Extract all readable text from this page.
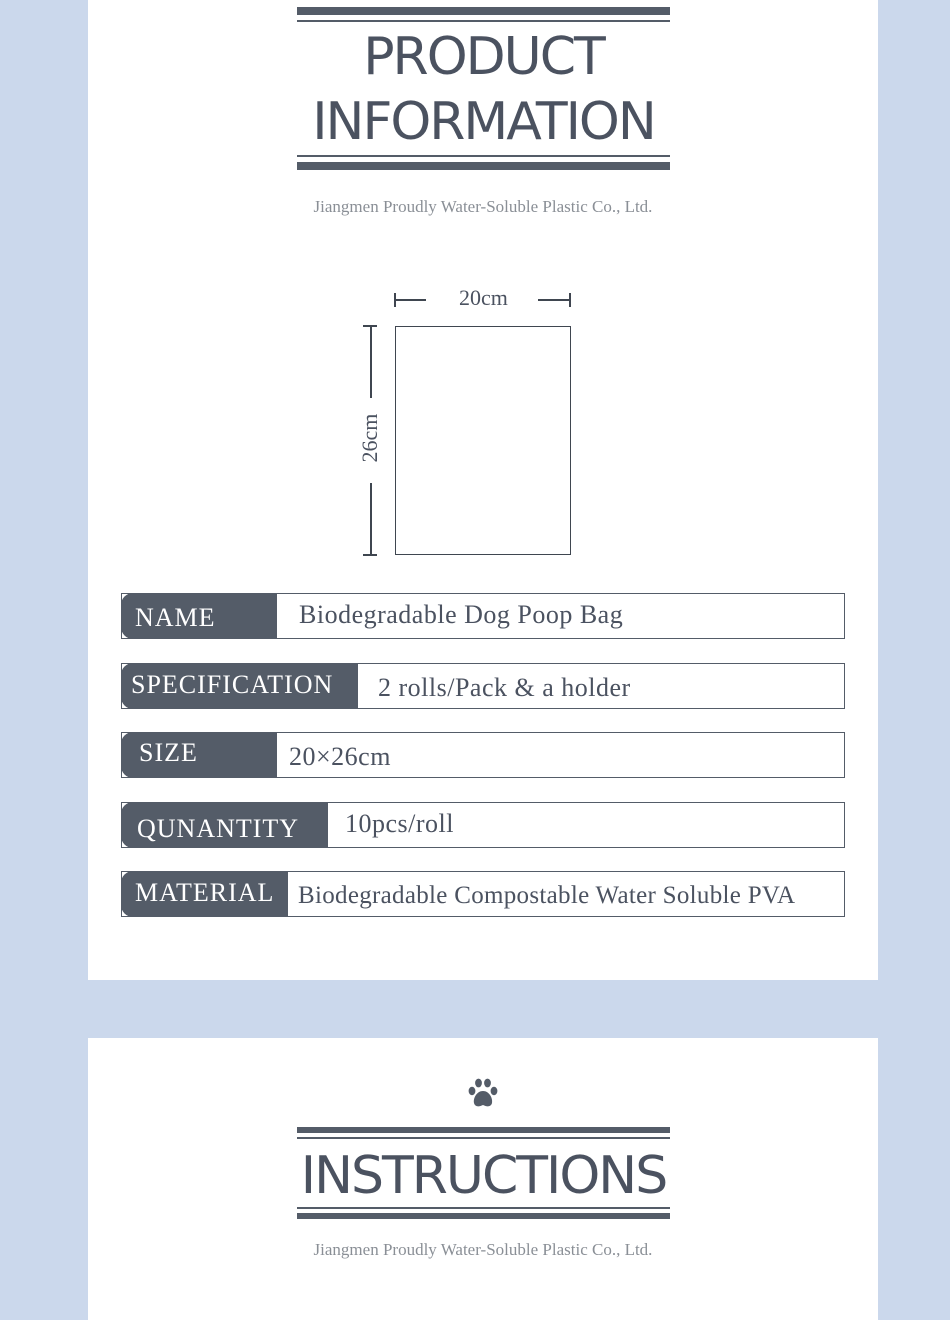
PRODUCT
INFORMATION
Jiangmen Proudly Water-Soluble Plastic Co., Ltd.
20cm
26cm
NAME	Biodegradable Dog Poop Bag
SPECIFICATION	2 rolls/Pack & a holder
SIZE	20×26cm
QUNANTITY	10pcs/roll
MATERIAL Biodegradable Compostable Water Soluble PVA
INSTRUCTIONS
Jiangmen Proudly Water-Soluble Plastic Co., Ltd.
